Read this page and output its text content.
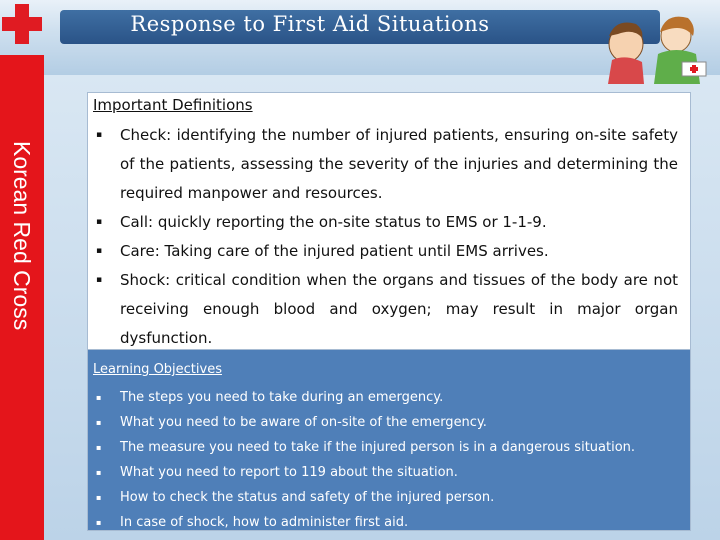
Response to First Aid Situations
Korean Red Cross
Important Definitions
▪ Check: identifying the number of injured patients, ensuring on-site safety of the patients, assessing the severity of the injuries and determining the required manpower and resources.
▪ Call: quickly reporting the on-site status to EMS or 1-1-9.
▪ Care: Taking care of the injured patient until EMS arrives.
▪ Shock: critical condition when the organs and tissues of the body are not receiving enough blood and oxygen; may result in major organ dysfunction.
Learning Objectives
▪ The steps you need to take during an emergency.
▪ What you need to be aware of on-site of the emergency.
▪ The measure you need to take if the injured person is in a dangerous situation.
▪ What you need to report to 119 about the situation.
▪ How to check the status and safety of the injured person.
▪ In case of shock, how to administer first aid.
